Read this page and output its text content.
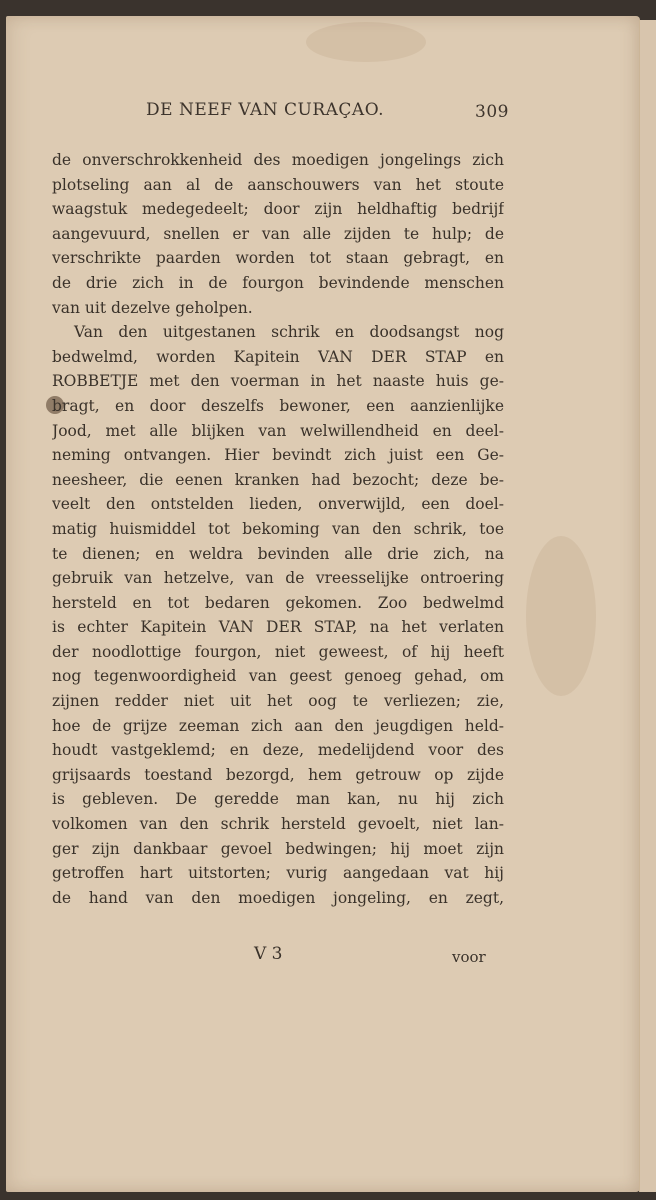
DE NEEF VAN CURAÇAO.	309
de onverschrokkenheid des moedigen jongelings zich
plotseling aan al de aanschouwers van het stoute
waagstuk medegedeelt; door zijn heldhaftig bedrijf
aangevuurd, snellen er van alle zijden te hulp; de
verschrikte paarden worden tot staan gebragt, en
de drie zich in de fourgon bevindende menschen
van uit dezelve geholpen.
Van den uitgestanen schrik en doodsangst nog
bedwelmd, worden Kapitein VAN DER STAP en
ROBBETJE met den voerman in het naaste huis ge-
bragt, en door deszelfs bewoner, een aanzienlijke
Jood, met alle blijken van welwillendheid en deel-
neming ontvangen. Hier bevindt zich juist een Ge-
neesheer, die eenen kranken had bezocht; deze be-
veelt den ontstelden lieden, onverwijld, een doel-
matig huismiddel tot bekoming van den schrik, toe
te dienen; en weldra bevinden alle drie zich, na
gebruik van hetzelve, van de vreesselijke ontroering
hersteld en tot bedaren gekomen. Zoo bedwelmd
is echter Kapitein VAN DER STAP, na het verlaten
der noodlottige fourgon, niet geweest, of hij heeft
nog tegenwoordigheid van geest genoeg gehad, om
zijnen redder niet uit het oog te verliezen; zie,
hoe de grijze zeeman zich aan den jeugdigen held-
houdt vastgeklemd; en deze, medelijdend voor des
grijsaards toestand bezorgd, hem getrouw op zijde
is gebleven. De geredde man kan, nu hij zich
volkomen van den schrik hersteld gevoelt, niet lan-
ger zijn dankbaar gevoel bedwingen; hij moet zijn
getroffen hart uitstorten; vurig aangedaan vat hij
de hand van den moedigen jongeling, en zegt,
V 3	voor
